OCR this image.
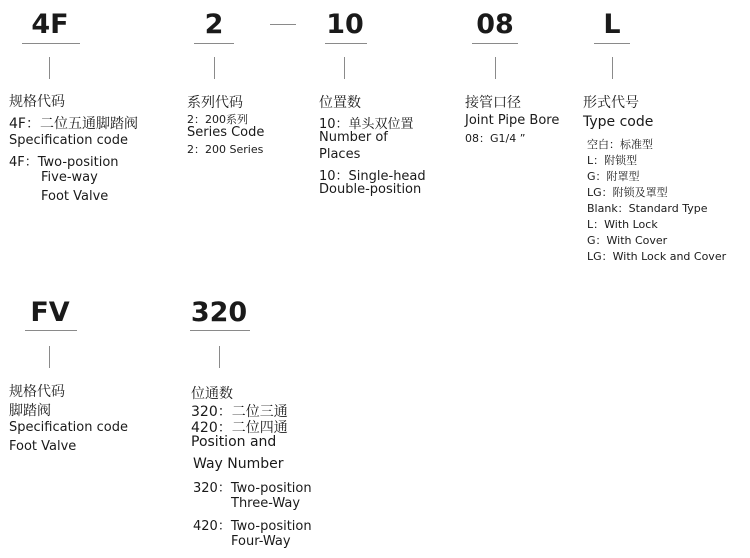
4F
规格代码
4F：二位五通脚踏阀
Specification code
4F：Two-position
Five-way
Foot Valve
2
系列代码
2：200系列
Series Code
2：200 Series
10
位置数
10：单头双位置
Number of
Places
10：Single-head
Double-position
08
接管口径
Joint Pipe Bore
08：G1/4 ”
L
形式代号
Type code
空白：标准型
L：附锁型
G：附罩型
LG：附锁及罩型
Blank：Standard Type
L：With Lock
G：With Cover
LG：With Lock and Cover
FV
规格代码
脚踏阀
Specification code
Foot Valve
320
位通数
320：二位三通
420：二位四通
Position and
Way Number
320：Two-position
Three-Way
420：Two-position
Four-Way
